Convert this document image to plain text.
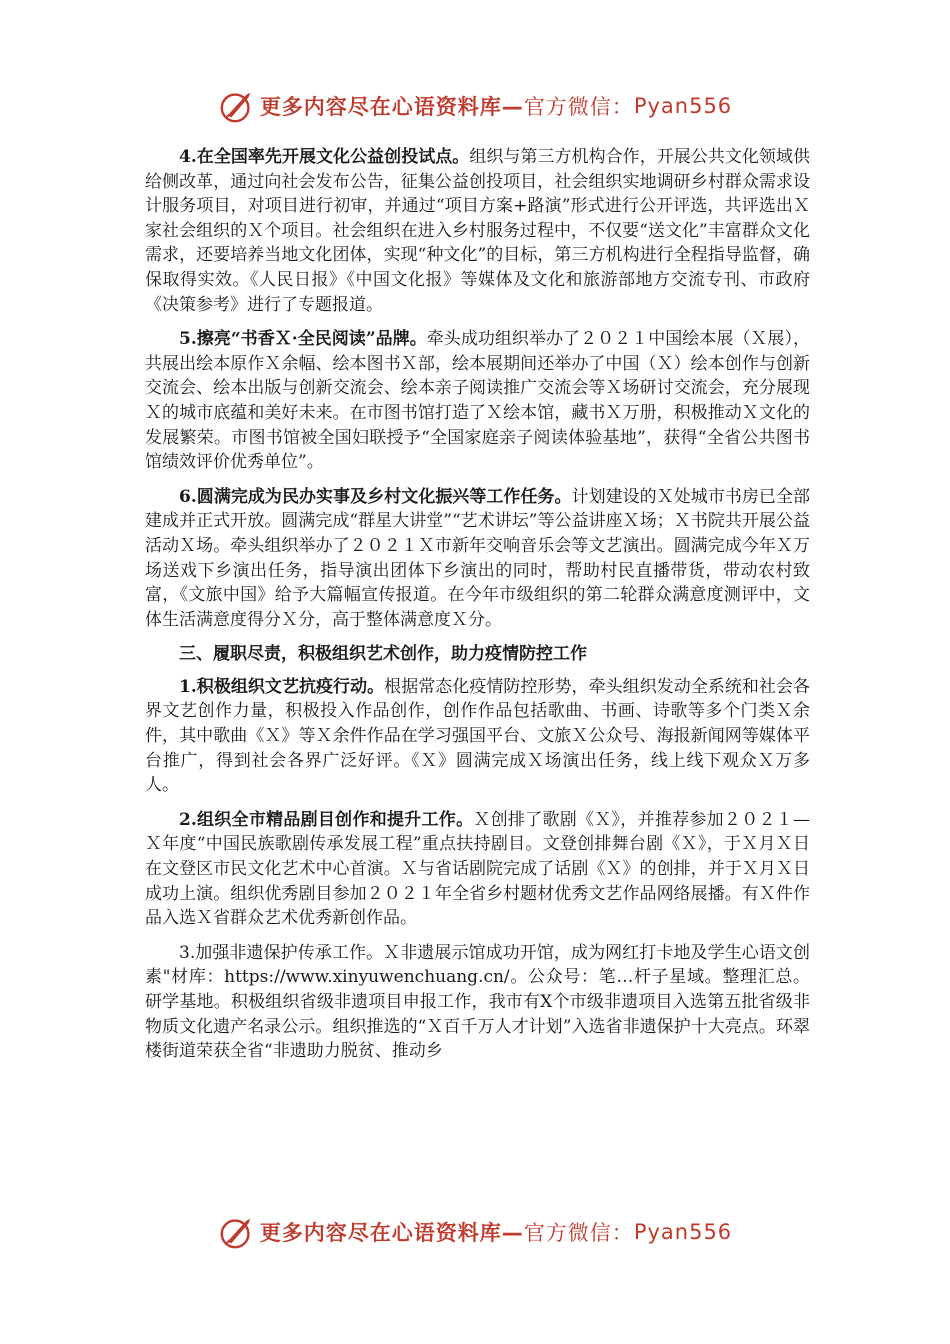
更多内容尽在心语资料库— 官方微信： Pyan556

4.在全国率先开展文化公益创投试点。组织与第三方机构合作，开展公共文化领域供给侧改革，通过向社会发布公告，征集公益创投项目，社会组织实地调研乡村群众需求设计服务项目，对项目进行初审，并通过“项目方案+路演”形式进行公开评选，共评选出Ｘ家社会组织的Ｘ个项目。社会组织在进入乡村服务过程中，不仅要“送文化”丰富群众文化需求，还要培养当地文化团体，实现“种文化”的目标，第三方机构进行全程指导监督，确保取得实效。《人民日报》《中国文化报》等媒体及文化和旅游部地方交流专刊、市政府《决策参考》进行了专题报道。

5.擦亮“书香Ｘ·全民阅读”品牌。牵头成功组织举办了２０２１中国绘本展（Ｘ展），共展出绘本原作Ｘ余幅、绘本图书Ｘ部，绘本展期间还举办了中国（Ｘ）绘本创作与创新交流会、绘本出版与创新交流会、绘本亲子阅读推广交流会等Ｘ场研讨交流会，充分展现Ｘ的城市底蕴和美好未来。在市图书馆打造了Ｘ绘本馆，藏书Ｘ万册，积极推动Ｘ文化的发展繁荣。市图书馆被全国妇联授予“全国家庭亲子阅读体验基地”，获得“全省公共图书馆绩效评价优秀单位”。

6.圆满完成为民办实事及乡村文化振兴等工作任务。计划建设的Ｘ处城市书房已全部建成并正式开放。圆满完成“群星大讲堂”“艺术讲坛”等公益讲座Ｘ场；Ｘ书院共开展公益活动Ｘ场。牵头组织举办了２０２１Ｘ市新年交响音乐会等文艺演出。圆满完成今年Ｘ万场送戏下乡演出任务，指导演出团体下乡演出的同时，帮助村民直播带货，带动农村致富，《文旅中国》给予大篇幅宣传报道。在今年市级组织的第二轮群众满意度测评中，文体生活满意度得分Ｘ分，高于整体满意度Ｘ分。

三、履职尽责，积极组织艺术创作，助力疫情防控工作

1.积极组织文艺抗疫行动。根据常态化疫情防控形势，牵头组织发动全系统和社会各界文艺创作力量，积极投入作品创作，创作作品包括歌曲、书画、诗歌等多个门类Ｘ余件，其中歌曲《Ｘ》等Ｘ余件作品在学习强国平台、文旅Ｘ公众号、海报新闻网等媒体平台推广，得到社会各界广泛好评。《Ｘ》圆满完成Ｘ场演出任务，线上线下观众Ｘ万多人。

2.组织全市精品剧目创作和提升工作。Ｘ创排了歌剧《Ｘ》，并推荐参加２０２１—Ｘ年度“中国民族歌剧传承发展工程”重点扶持剧目。文登创排舞台剧《Ｘ》，于Ｘ月Ｘ日在文登区市民文化艺术中心首演。Ｘ与省话剧院完成了话剧《Ｘ》的创排，并于Ｘ月Ｘ日成功上演。组织优秀剧目参加２０２１年全省乡村题材优秀文艺作品网络展播。有Ｘ件作品入选Ｘ省群众艺术优秀新创作品。

3.加强非遗保护传承工作。Ｘ非遗展示馆成功开馆，成为网红打卡地及学生心语文创素"材库：https://www.xinyuwenchuang.cn/。公众号：笔…杆子星域。整理汇总。研学基地。积极组织省级非遗项目申报工作，我市有X个市级非遗项目入选第五批省级非物质文化遗产名录公示。组织推选的“Ｘ百千万人才计划”入选省非遗保护十大亮点。环翠楼街道荣获全省“非遗助力脱贫、推动乡

更多内容尽在心语资料库— 官方微信： Pyan556
